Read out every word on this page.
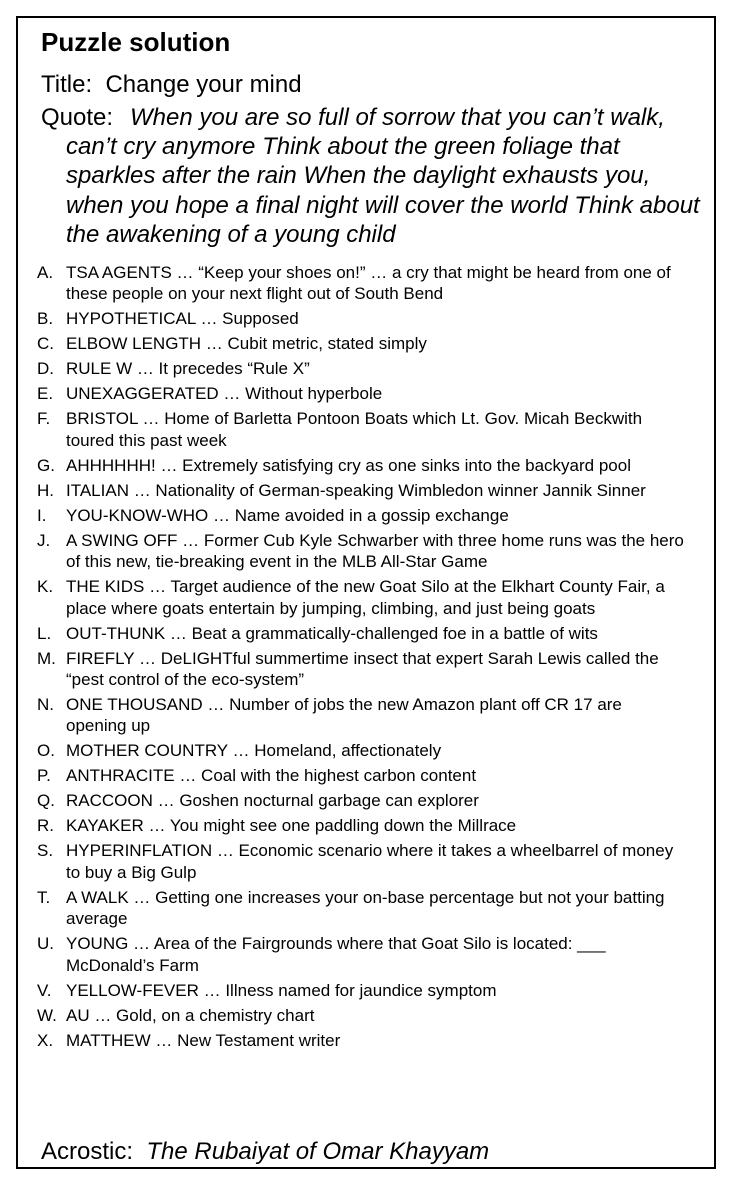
Puzzle solution
Title: Change your mind
Quote: When you are so full of sorrow that you can’t walk, can’t cry anymore Think about the green foliage that sparkles after the rain When the daylight exhausts you, when you hope a final night will cover the world Think about the awakening of a young child

A. TSA AGENTS … “Keep your shoes on!” … a cry that might be heard from one of these people on your next flight out of South Bend
B. HYPOTHETICAL … Supposed
C. ELBOW LENGTH … Cubit metric, stated simply
D. RULE W … It precedes “Rule X”
E. UNEXAGGERATED … Without hyperbole
F. BRISTOL … Home of Barletta Pontoon Boats which Lt. Gov. Micah Beckwith toured this past week
G. AHHHHHH! … Extremely satisfying cry as one sinks into the backyard pool
H. ITALIAN … Nationality of German-speaking Wimbledon winner Jannik Sinner
I. YOU-KNOW-WHO … Name avoided in a gossip exchange
J. A SWING OFF … Former Cub Kyle Schwarber with three home runs was the hero of this new, tie-breaking event in the MLB All-Star Game
K. THE KIDS … Target audience of the new Goat Silo at the Elkhart County Fair, a place where goats entertain by jumping, climbing, and just being goats
L. OUT-THUNK … Beat a grammatically-challenged foe in a battle of wits
M. FIREFLY … DeLIGHTful summertime insect that expert Sarah Lewis called the “pest control of the eco-system”
N. ONE THOUSAND … Number of jobs the new Amazon plant off CR 17 are opening up
O. MOTHER COUNTRY … Homeland, affectionately
P. ANTHRACITE … Coal with the highest carbon content
Q. RACCOON … Goshen nocturnal garbage can explorer
R. KAYAKER … You might see one paddling down the Millrace
S. HYPERINFLATION … Economic scenario where it takes a wheelbarrel of money to buy a Big Gulp
T. A WALK … Getting one increases your on-base percentage but not your batting average
U. YOUNG … Area of the Fairgrounds where that Goat Silo is located: ___ McDonald’s Farm
V. YELLOW-FEVER … Illness named for jaundice symptom
W. AU … Gold, on a chemistry chart
X. MATTHEW … New Testament writer
Acrostic: The Rubaiyat of Omar Khayyam
